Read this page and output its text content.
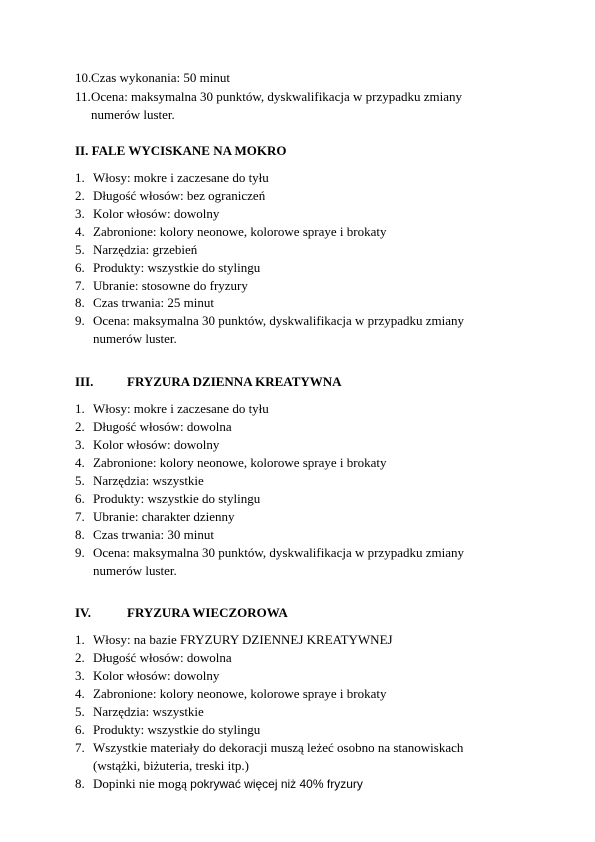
10. Czas wykonania: 50 minut
11. Ocena: maksymalna 30 punktów, dyskwalifikacja w przypadku zmiany
numerów luster.
II. FALE WYCISKANE NA MOKRO
1. Włosy: mokre i zaczesane do tyłu
2. Długość włosów: bez ograniczeń
3. Kolor włosów: dowolny
4. Zabronione: kolory neonowe, kolorowe spraye i brokaty
5. Narzędzia: grzebień
6. Produkty: wszystkie do stylingu
7. Ubranie: stosowne do fryzury
8. Czas trwania: 25 minut
9. Ocena: maksymalna 30 punktów, dyskwalifikacja w przypadku zmiany
numerów luster.
III.	FRYZURA DZIENNA KREATYWNA
1. Włosy: mokre i zaczesane do tyłu
2. Długość włosów: dowolna
3. Kolor włosów: dowolny
4. Zabronione: kolory neonowe, kolorowe spraye i brokaty
5. Narzędzia: wszystkie
6. Produkty: wszystkie do stylingu
7. Ubranie: charakter dzienny
8. Czas trwania: 30 minut
9. Ocena: maksymalna 30 punktów, dyskwalifikacja w przypadku zmiany
numerów luster.
IV.	FRYZURA WIECZOROWA
1. Włosy: na bazie FRYZURY DZIENNEJ KREATYWNEJ
2. Długość włosów: dowolna
3. Kolor włosów: dowolny
4. Zabronione: kolory neonowe, kolorowe spraye i brokaty
5. Narzędzia: wszystkie
6. Produkty: wszystkie do stylingu
7. Wszystkie materiały do dekoracji muszą leżeć osobno na stanowiskach
(wstążki, biżuteria, treski itp.)
8. Dopinki nie mogą pokrywać więcej niż 40% fryzury
